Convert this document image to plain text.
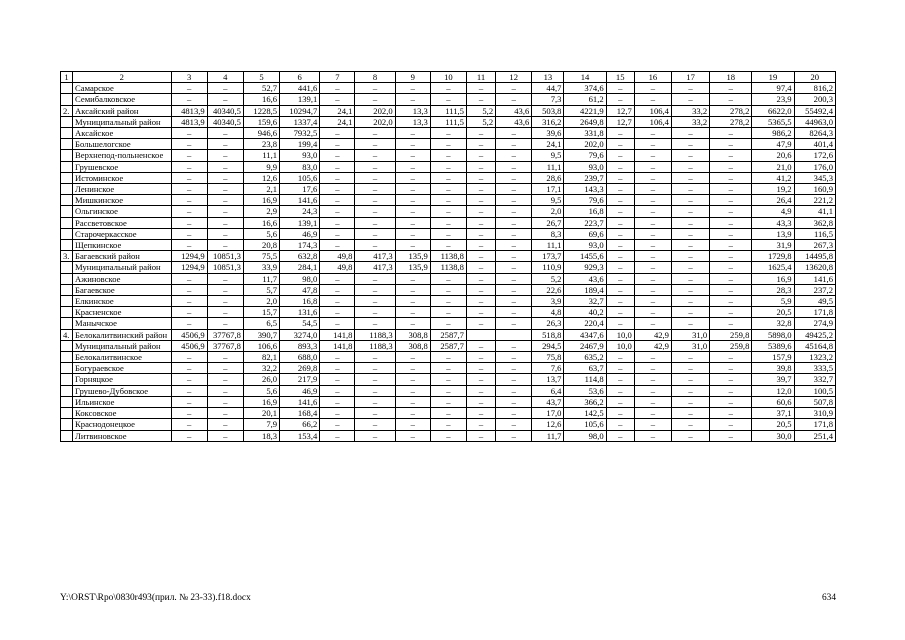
1	2	3	4	5	6	7	8	9	10	11	12	13	14	15	16	17	18	19	20
	Самарское	–	–	52,7	441,6	–	–	–	–	–	–	44,7	374,6	–	–	–	–	97,4	816,2
	Семибалковское	–	–	16,6	139,1	–	–	–	–	–	–	7,3	61,2	–	–	–	–	23,9	200,3
2.	Аксайский район	4813,9	40340,5	1228,5	10294,7	24,1	202,0	13,3	111,5	5,2	43,6	503,8	4221,9	12,7	106,4	33,2	278,2	6622,0	55492,4
	Муниципальный район	4813,9	40340,5	159,6	1337,4	24,1	202,0	13,3	111,5	5,2	43,6	316,2	2649,8	12,7	106,4	33,2	278,2	5365,5	44963,0
	Аксайское	–	–	946,6	7932,5	–	–	–	–	–	–	39,6	331,8	–	–	–	–	986,2	8264,3
	Большелогское	–	–	23,8	199,4	–	–	–	–	–	–	24,1	202,0	–	–	–	–	47,9	401,4
	Верхнепод-польненское	–	–	11,1	93,0	–	–	–	–	–	–	9,5	79,6	–	–	–	–	20,6	172,6
	Грушевское	–	–	9,9	83,0	–	–	–	–	–	–	11,1	93,0	–	–	–	–	21,0	176,0
	Истоминское	–	–	12,6	105,6	–	–	–	–	–	–	28,6	239,7	–	–	–	–	41,2	345,3
	Ленинское	–	–	2,1	17,6	–	–	–	–	–	–	17,1	143,3	–	–	–	–	19,2	160,9
	Мишкинское	–	–	16,9	141,6	–	–	–	–	–	–	9,5	79,6	–	–	–	–	26,4	221,2
	Ольгинское	–	–	2,9	24,3	–	–	–	–	–	–	2,0	16,8	–	–	–	–	4,9	41,1
	Рассветовское	–	–	16,6	139,1	–	–	–	–	–	–	26,7	223,7	–	–	–	–	43,3	362,8
	Старочеркасское	–	–	5,6	46,9	–	–	–	–	–	–	8,3	69,6	–	–	–	–	13,9	116,5
	Щепкинское	–	–	20,8	174,3	–	–	–	–	–	–	11,1	93,0	–	–	–	–	31,9	267,3
3.	Багаевский район	1294,9	10851,3	75,5	632,8	49,8	417,3	135,9	1138,8	–	–	173,7	1455,6	–	–	–	–	1729,8	14495,8
	Муниципальный район	1294,9	10851,3	33,9	284,1	49,8	417,3	135,9	1138,8	–	–	110,9	929,3	–	–	–	–	1625,4	13620,8
	Ажиновское	–	–	11,7	98,0	–	–	–	–	–	–	5,2	43,6	–	–	–	–	16,9	141,6
	Багаевское	–	–	5,7	47,8	–	–	–	–	–	–	22,6	189,4	–	–	–	–	28,3	237,2
	Елкинское	–	–	2,0	16,8	–	–	–	–	–	–	3,9	32,7	–	–	–	–	5,9	49,5
	Красненское	–	–	15,7	131,6	–	–	–	–	–	–	4,8	40,2	–	–	–	–	20,5	171,8
	Манычское	–	–	6,5	54,5	–	–	–	–	–	–	26,3	220,4	–	–	–	–	32,8	274,9
4.	Белокалитвинский район	4506,9	37767,8	390,7	3274,0	141,8	1188,3	308,8	2587,7			518,8	4347,6	10,0	42,9	31,0	259,8	5898,0	49425,2
	Муниципальный район	4506,9	37767,8	106,6	893,3	141,8	1188,3	308,8	2587,7	–	–	294,5	2467,9	10,0	42,9	31,0	259,8	5389,6	45164,8
	Белокалитвинское	–	–	82,1	688,0	–	–	–	–	–	–	75,8	635,2	–	–	–	–	157,9	1323,2
	Богураевское	–	–	32,2	269,8	–	–	–	–	–	–	7,6	63,7	–	–	–	–	39,8	333,5
	Горняцкое	–	–	26,0	217,9	–	–	–	–	–	–	13,7	114,8	–	–	–	–	39,7	332,7
	Грушево-Дубовское	–	–	5,6	46,9	–	–	–	–	–	–	6,4	53,6	–	–	–	–	12,0	100,5
	Ильинское	–	–	16,9	141,6	–	–	–	–	–	–	43,7	366,2	–	–	–	–	60,6	507,8
	Коксовское	–	–	20,1	168,4	–	–	–	–	–	–	17,0	142,5	–	–	–	–	37,1	310,9
	Краснодонецкое	–	–	7,9	66,2	–	–	–	–	–	–	12,6	105,6	–	–	–	–	20,5	171,8
	Литвиновское	–	–	18,3	153,4	–	–	–	–	–	–	11,7	98,0	–	–	–	–	30,0	251,4
Y:\ORST\Rpo\0830r493(прил. № 23-33).f18.docx	634
